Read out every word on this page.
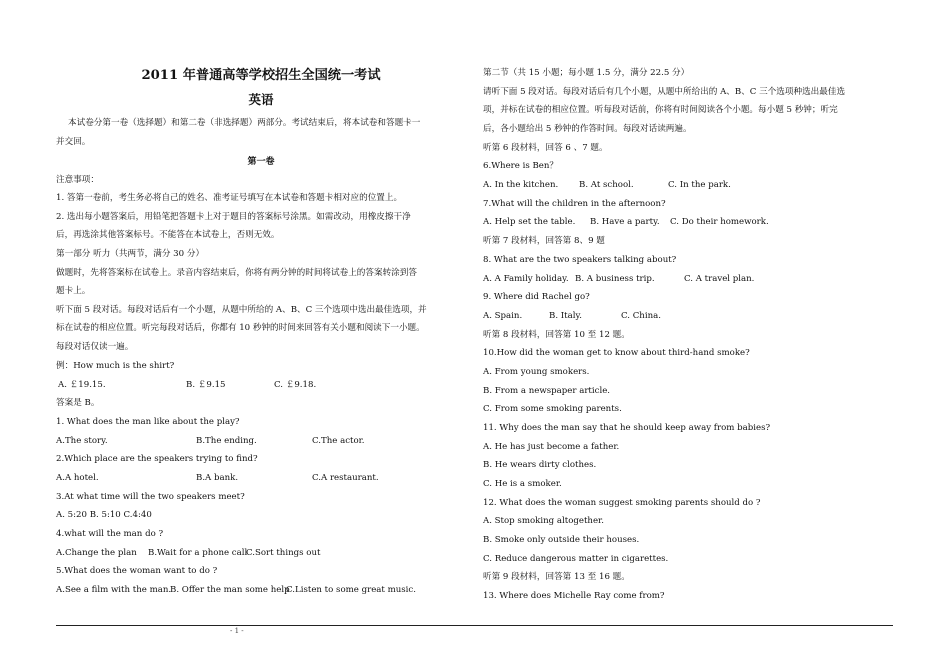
2011 年普通高等学校招生全国统一考试
英语
本试卷分第一卷（选择题）和第二卷（非选择题）两部分。考试结束后，将本试卷和答题卡一
并交回。
第一卷
注意事项：
1. 答第一卷前，考生务必将自己的姓名、准考证号填写在本试卷和答题卡相对应的位置上。
2. 选出每小题答案后，用铅笔把答题卡上对于题目的答案标号涂黑。如需改动，用橡皮擦干净
后，再选涂其他答案标号。不能答在本试卷上，否则无效。
第一部分 听力（共两节，满分 30 分）
做题时，先将答案标在试卷上。录音内容结束后，你将有两分钟的时间将试卷上的答案转涂到答
题卡上。
听下面 5 段对话。每段对话后有一个小题，从题中所给的 A、B、C 三个选项中选出最佳选项，并
标在试卷的相应位置。听完每段对话后，你都有 10 秒钟的时间来回答有关小题和阅读下一小题。
每段对话仅读一遍。
例：How much is the shirt?
A. ￡19.15.	B. ￡9.15	C. ￡9.18.
答案是 B。
1. What does the man like about the play?
A.The story.	B.The ending.	C.The actor.
2.Which place are the speakers trying to find?
A.A hotel.	B.A bank.	C.A restaurant.
3.At what time will the two speakers meet?
A. 5:20 B. 5:10 C.4:40
4.what will the man do ?
A.Change the plan B.Wait for a phone call
C.Sort things out
5.What does the woman want to do ?
A.See a film with the man.
B. Offer the man some help
C.Listen to some great music.
第二节（共 15 小题；每小题 1.5 分，满分 22.5 分）
请听下面 5 段对话。每段对话后有几个小题，从题中所给出的 A、B、C 三个选项种选出最佳选
项，并标在试卷的相应位置。听每段对话前，你将有时间阅读各个小题。每小题 5 秒钟；听完
后，各小题给出 5 秒钟的作答时间。每段对话读两遍。
听第 6 段材料，回答 6 、7 题。
6.Where is Ben？
A. In the kitchen. B. At school.	C. In the park.
7.What will the children in the afternoon?
A. Help set the table. B. Have a party. C. Do their homework.
听第 7 段材料，回答第 8、9 题
8. What are the two speakers talking about?
A. A Family holiday. B. A business trip.	C. A travel plan.
9. Where did Rachel go?
A. Spain.	B. Italy.	C. China.
听第 8 段材料，回答第 10 至 12 题。
10.How did the woman get to know about third-hand smoke?
A. From young smokers.
B. From a newspaper article.
C. From some smoking parents.
11. Why does the man say that he should keep away from babies?
A. He has just become a father.
B. He wears dirty clothes.
C. He is a smoker.
12. What does the woman suggest smoking parents should do ?
A. Stop smoking altogether.
B. Smoke only outside their houses.
C. Reduce dangerous matter in cigarettes.
听第 9 段材料，回答第 13 至 16 题。
13. Where does Michelle Ray come from?
- 1 -
